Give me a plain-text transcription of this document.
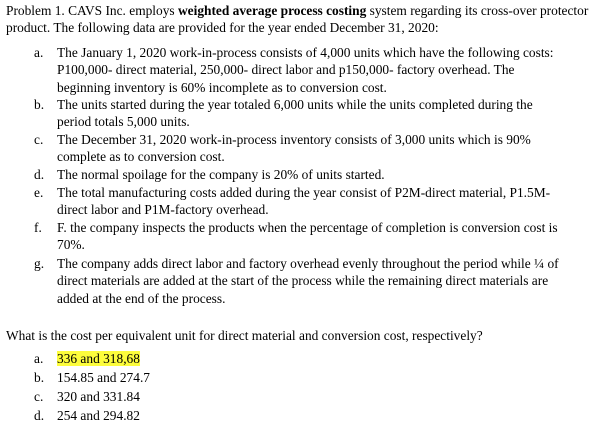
Problem 1. CAVS Inc. employs weighted average process costing system regarding its cross-over protector product. The following data are provided for the year ended December 31, 2020:
a. The January 1, 2020 work-in-process consists of 4,000 units which have the following costs: P100,000- direct material, 250,000- direct labor and p150,000- factory overhead. The beginning inventory is 60% incomplete as to conversion cost.

b. The units started during the year totaled 6,000 units while the units completed during the period totals 5,000 units.

c. The December 31, 2020 work-in-process inventory consists of 3,000 units which is 90% complete as to conversion cost.

d. The normal spoilage for the company is 20% of units started.

e. The total manufacturing costs added during the year consist of P2M-direct material, P1.5M-direct labor and P1M-factory overhead.

f. F. the company inspects the products when the percentage of completion is conversion cost is 70%.

g. The company adds direct labor and factory overhead evenly throughout the period while ¼ of direct materials are added at the start of the process while the remaining direct materials are added at the end of the process.

What is the cost per equivalent unit for direct material and conversion cost, respectively?
a. 336 and 318,68
b. 154.85 and 274.7
c. 320 and 331.84
d. 254 and 294.82
